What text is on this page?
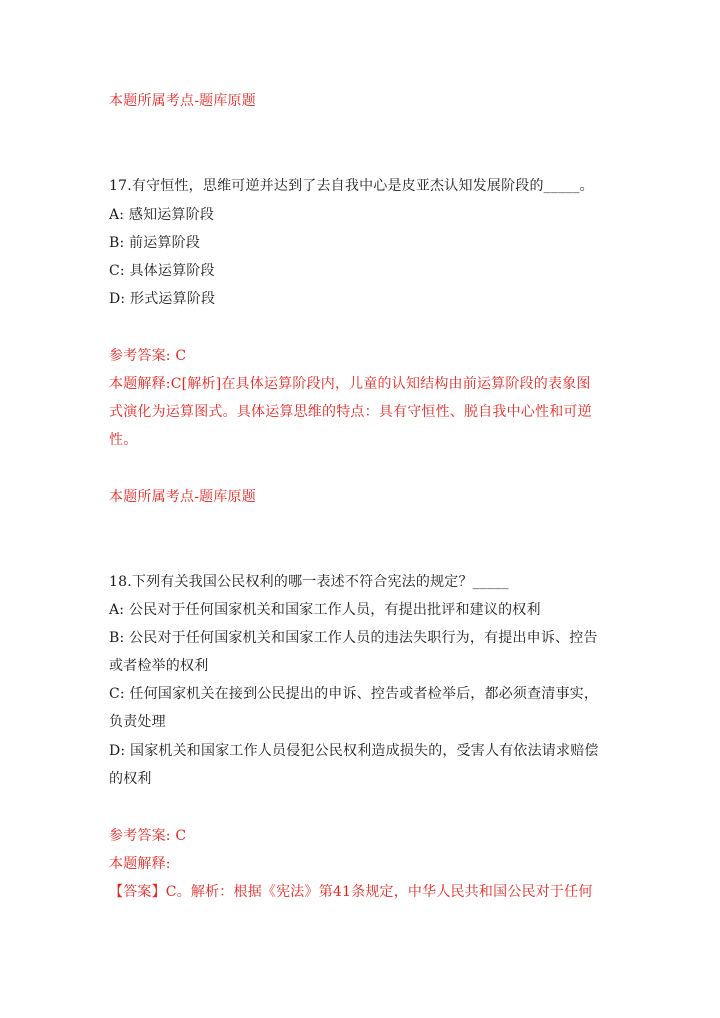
本题所属考点-题库原题
17.有守恒性，思维可逆并达到了去自我中心是皮亚杰认知发展阶段的_____。
A: 感知运算阶段
B: 前运算阶段
C: 具体运算阶段
D: 形式运算阶段
参考答案: C
本题解释:C[解析]在具体运算阶段内，儿童的认知结构由前运算阶段的表象图
式演化为运算图式。具体运算思维的特点：具有守恒性、脱自我中心性和可逆
性。
本题所属考点-题库原题
18.下列有关我国公民权利的哪一表述不符合宪法的规定？_____
A: 公民对于任何国家机关和国家工作人员，有提出批评和建议的权利
B: 公民对于任何国家机关和国家工作人员的违法失职行为，有提出申诉、控告
或者检举的权利
C: 任何国家机关在接到公民提出的申诉、控告或者检举后，都必须查清事实，
负责处理
D: 国家机关和国家工作人员侵犯公民权利造成损失的，受害人有依法请求赔偿
的权利
参考答案: C
本题解释:
【答案】C。解析：根据《宪法》第41条规定，中华人民共和国公民对于任何
